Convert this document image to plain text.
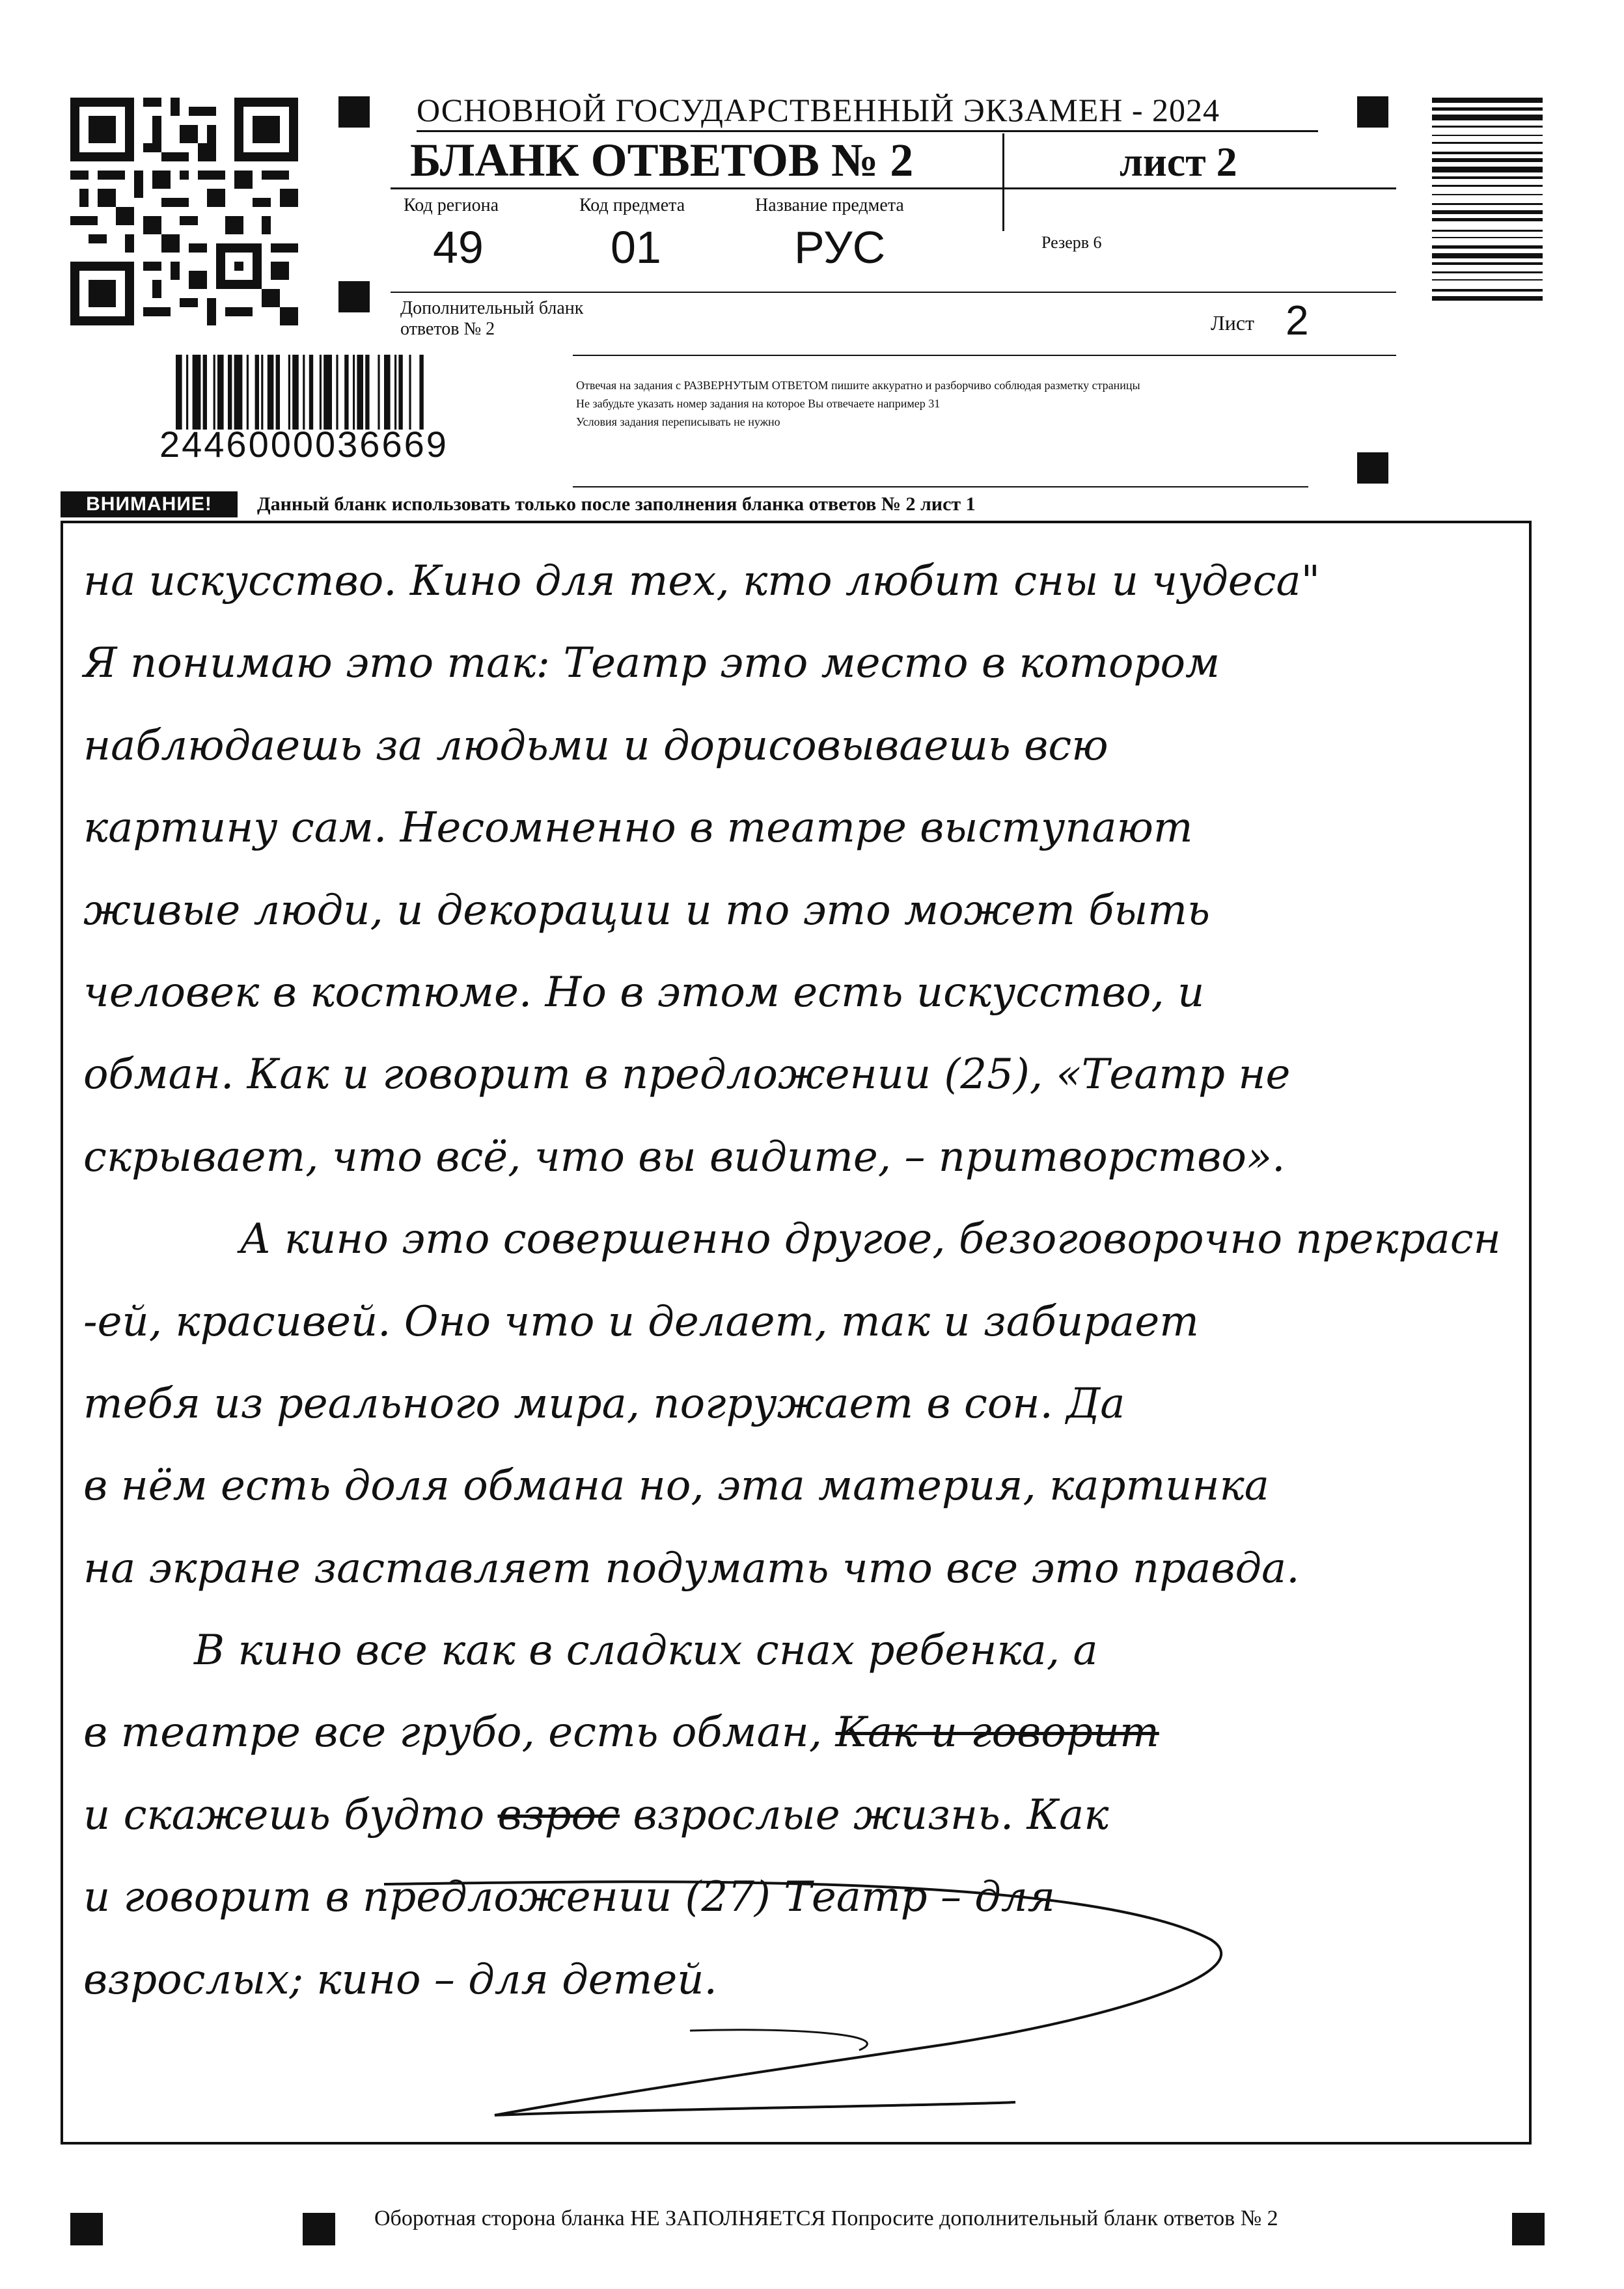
ОСНОВНОЙ ГОСУДАРСТВЕННЫЙ ЭКЗАМЕН - 2024
БЛАНК ОТВЕТОВ № 2	лист 2
Код региона
49
Код предмета
01
Название предмета
РУС	Резерв 6
Дополнительный бланк ответов № 2	Лист 2
Отвечая на задания с РАЗВЕРНУТЫМ ОТВЕТОМ пишите аккуратно и разборчиво соблюдая разметку страницы
Не забудьте указать номер задания на которое Вы отвечаете например 31
Условия задания переписывать не нужно
2446000036669
ВНИМАНИЕ!	Данный бланк использовать только после заполнения бланка ответов № 2 лист 1
на искусство. Кино для тех, кто любит сны и чудеса"
Я понимаю это так: Театр это место в котором
наблюдаешь за людьми и дорисовываешь всю
картину сам. Несомненно в театре выступают
живые люди, и декорации и то это может быть
человек в костюме. Но в этом есть искусство, и
обман. Как и говорит в предложении (25), «Театр не
скрывает, что всё, что вы видите, – притворство».
А кино это совершенно другое, безоговорочно прекрасн
-ей, красивей. Оно что и делает, так и забирает
тебя из реального мира, погружает в сон. Да
в нём есть доля обмана но, эта материя, картинка
на экране заставляет подумать что все это правда.
В кино все как в сладких снах ребенка, а
в театре все грубо, есть обман, Как и говорит
и скажешь будто взрос взрослые жизнь. Как
и говорит в предложении (27) Театр – для
взрослых; кино – для детей.
Оборотная сторона бланка НЕ ЗАПОЛНЯЕТСЯ Попросите дополнительный бланк ответов № 2
